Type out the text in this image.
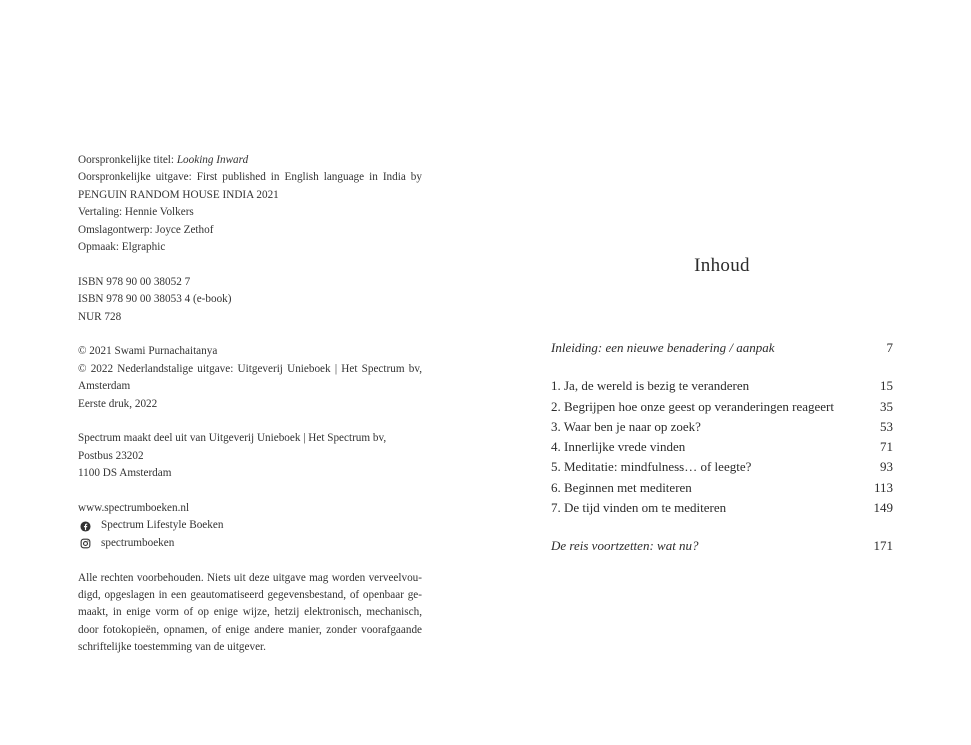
Oorspronkelijke titel: Looking Inward
Oorspronkelijke uitgave: First published in English language in India by
PENGUIN RANDOM HOUSE INDIA 2021
Vertaling: Hennie Volkers
Omslagontwerp: Joyce Zethof
Opmaak: Elgraphic
ISBN 978 90 00 38052 7
ISBN 978 90 00 38053 4 (e-book)
NUR 728
© 2021 Swami Purnachaitanya
© 2022 Nederlandstalige uitgave: Uitgeverij Unieboek | Het Spectrum bv,
Amsterdam
Eerste druk, 2022
Spectrum maakt deel uit van Uitgeverij Unieboek | Het Spectrum bv,
Postbus 23202
1100 DS Amsterdam
www.spectrumboeken.nl
Spectrum Lifestyle Boeken
spectrumboeken
Alle rechten voorbehouden. Niets uit deze uitgave mag worden verveelvou-
digd, opgeslagen in een geautomatiseerd gegevensbestand, of openbaar ge-
maakt, in enige vorm of op enige wijze, hetzij elektronisch, mechanisch,
door fotokopieën, opnamen, of enige andere manier, zonder voorafgaande
schriftelijke toestemming van de uitgever.
Inhoud
Inleiding: een nieuwe benadering / aanpak	7
1. Ja, de wereld is bezig te veranderen	15
2. Begrijpen hoe onze geest op veranderingen reageert	35
3. Waar ben je naar op zoek?	53
4. Innerlijke vrede vinden	71
5. Meditatie: mindfulness… of leegte?	93
6. Beginnen met mediteren	113
7. De tijd vinden om te mediteren	149
De reis voortzetten: wat nu?	171
